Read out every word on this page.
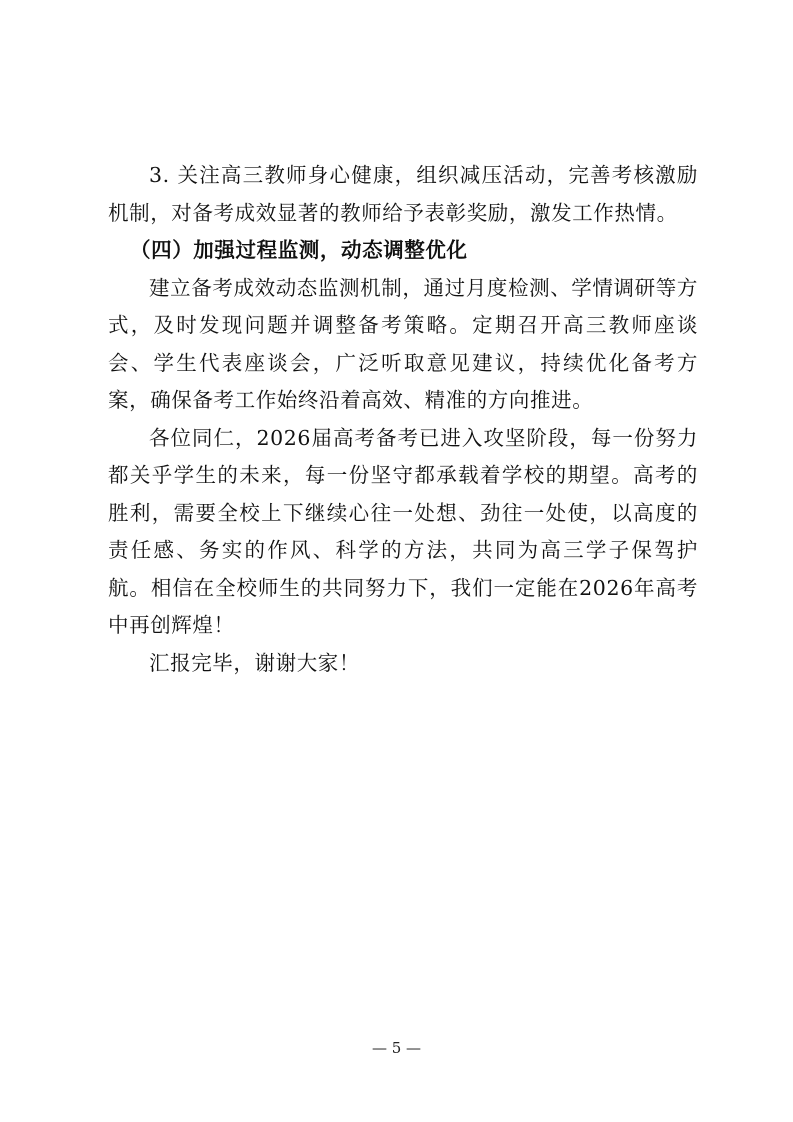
3. 关注高三教师身心健康，组织减压活动，完善考核激励机制，对备考成效显著的教师给予表彰奖励，激发工作热情。

（四）加强过程监测，动态调整优化

建立备考成效动态监测机制，通过月度检测、学情调研等方式，及时发现问题并调整备考策略。定期召开高三教师座谈会、学生代表座谈会，广泛听取意见建议，持续优化备考方案，确保备考工作始终沿着高效、精准的方向推进。

各位同仁，2026届高考备考已进入攻坚阶段，每一份努力都关乎学生的未来，每一份坚守都承载着学校的期望。高考的胜利，需要全校上下继续心往一处想、劲往一处使，以高度的责任感、务实的作风、科学的方法，共同为高三学子保驾护航。相信在全校师生的共同努力下，我们一定能在2026年高考中再创辉煌！

汇报完毕，谢谢大家！

— 5 —
